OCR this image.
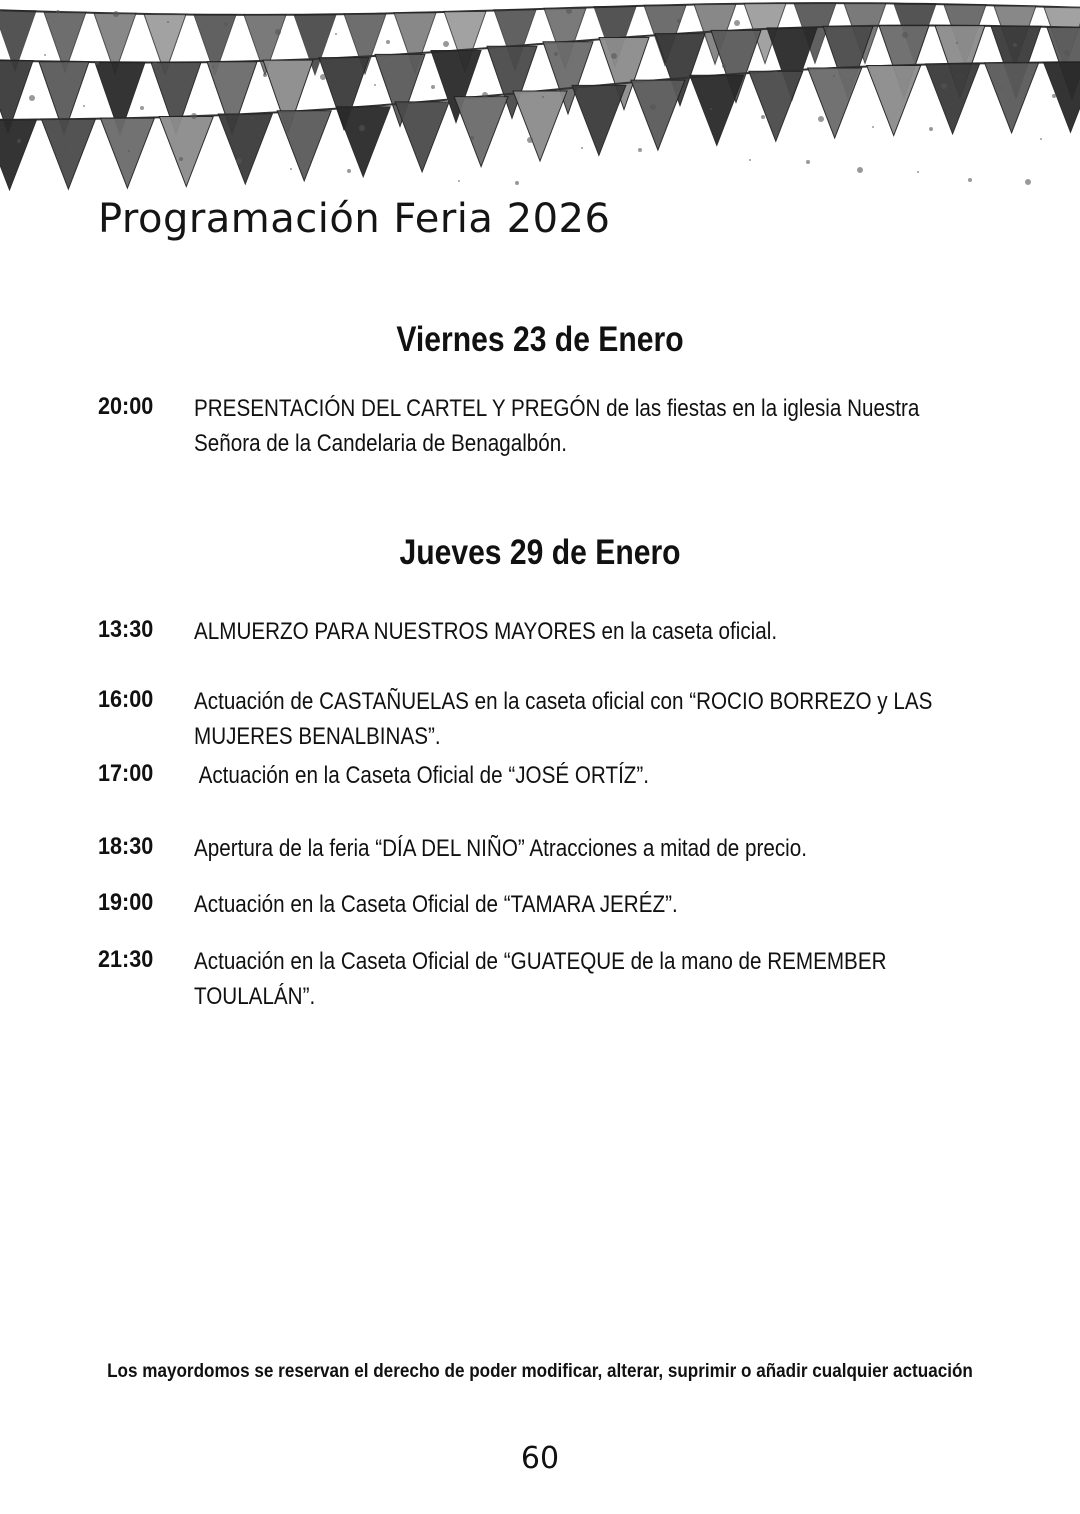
Programación Feria 2026
Viernes 23 de Enero
20:00	PRESENTACIÓN DEL CARTEL Y PREGÓN de las fiestas en la iglesia Nuestra Señora de la Candelaria de Benagalbón.
Jueves 29 de Enero
13:30	ALMUERZO PARA NUESTROS MAYORES en la caseta oficial.
16:00	Actuación de CASTAÑUELAS en la caseta oficial con “ROCIO BORREZO y LAS MUJERES BENALBINAS”.
17:00	Actuación en la Caseta Oficial de “JOSÉ ORTÍZ”.
18:30	Apertura de la feria “DÍA DEL NIÑO” Atracciones a mitad de precio.
19:00	Actuación en la Caseta Oficial de “TAMARA JERÉZ”.
21:30	Actuación en la Caseta Oficial de “GUATEQUE de la mano de REMEMBER TOULALÁN”.
Los mayordomos se reservan el derecho de poder modificar, alterar, suprimir o añadir cualquier actuación
60
